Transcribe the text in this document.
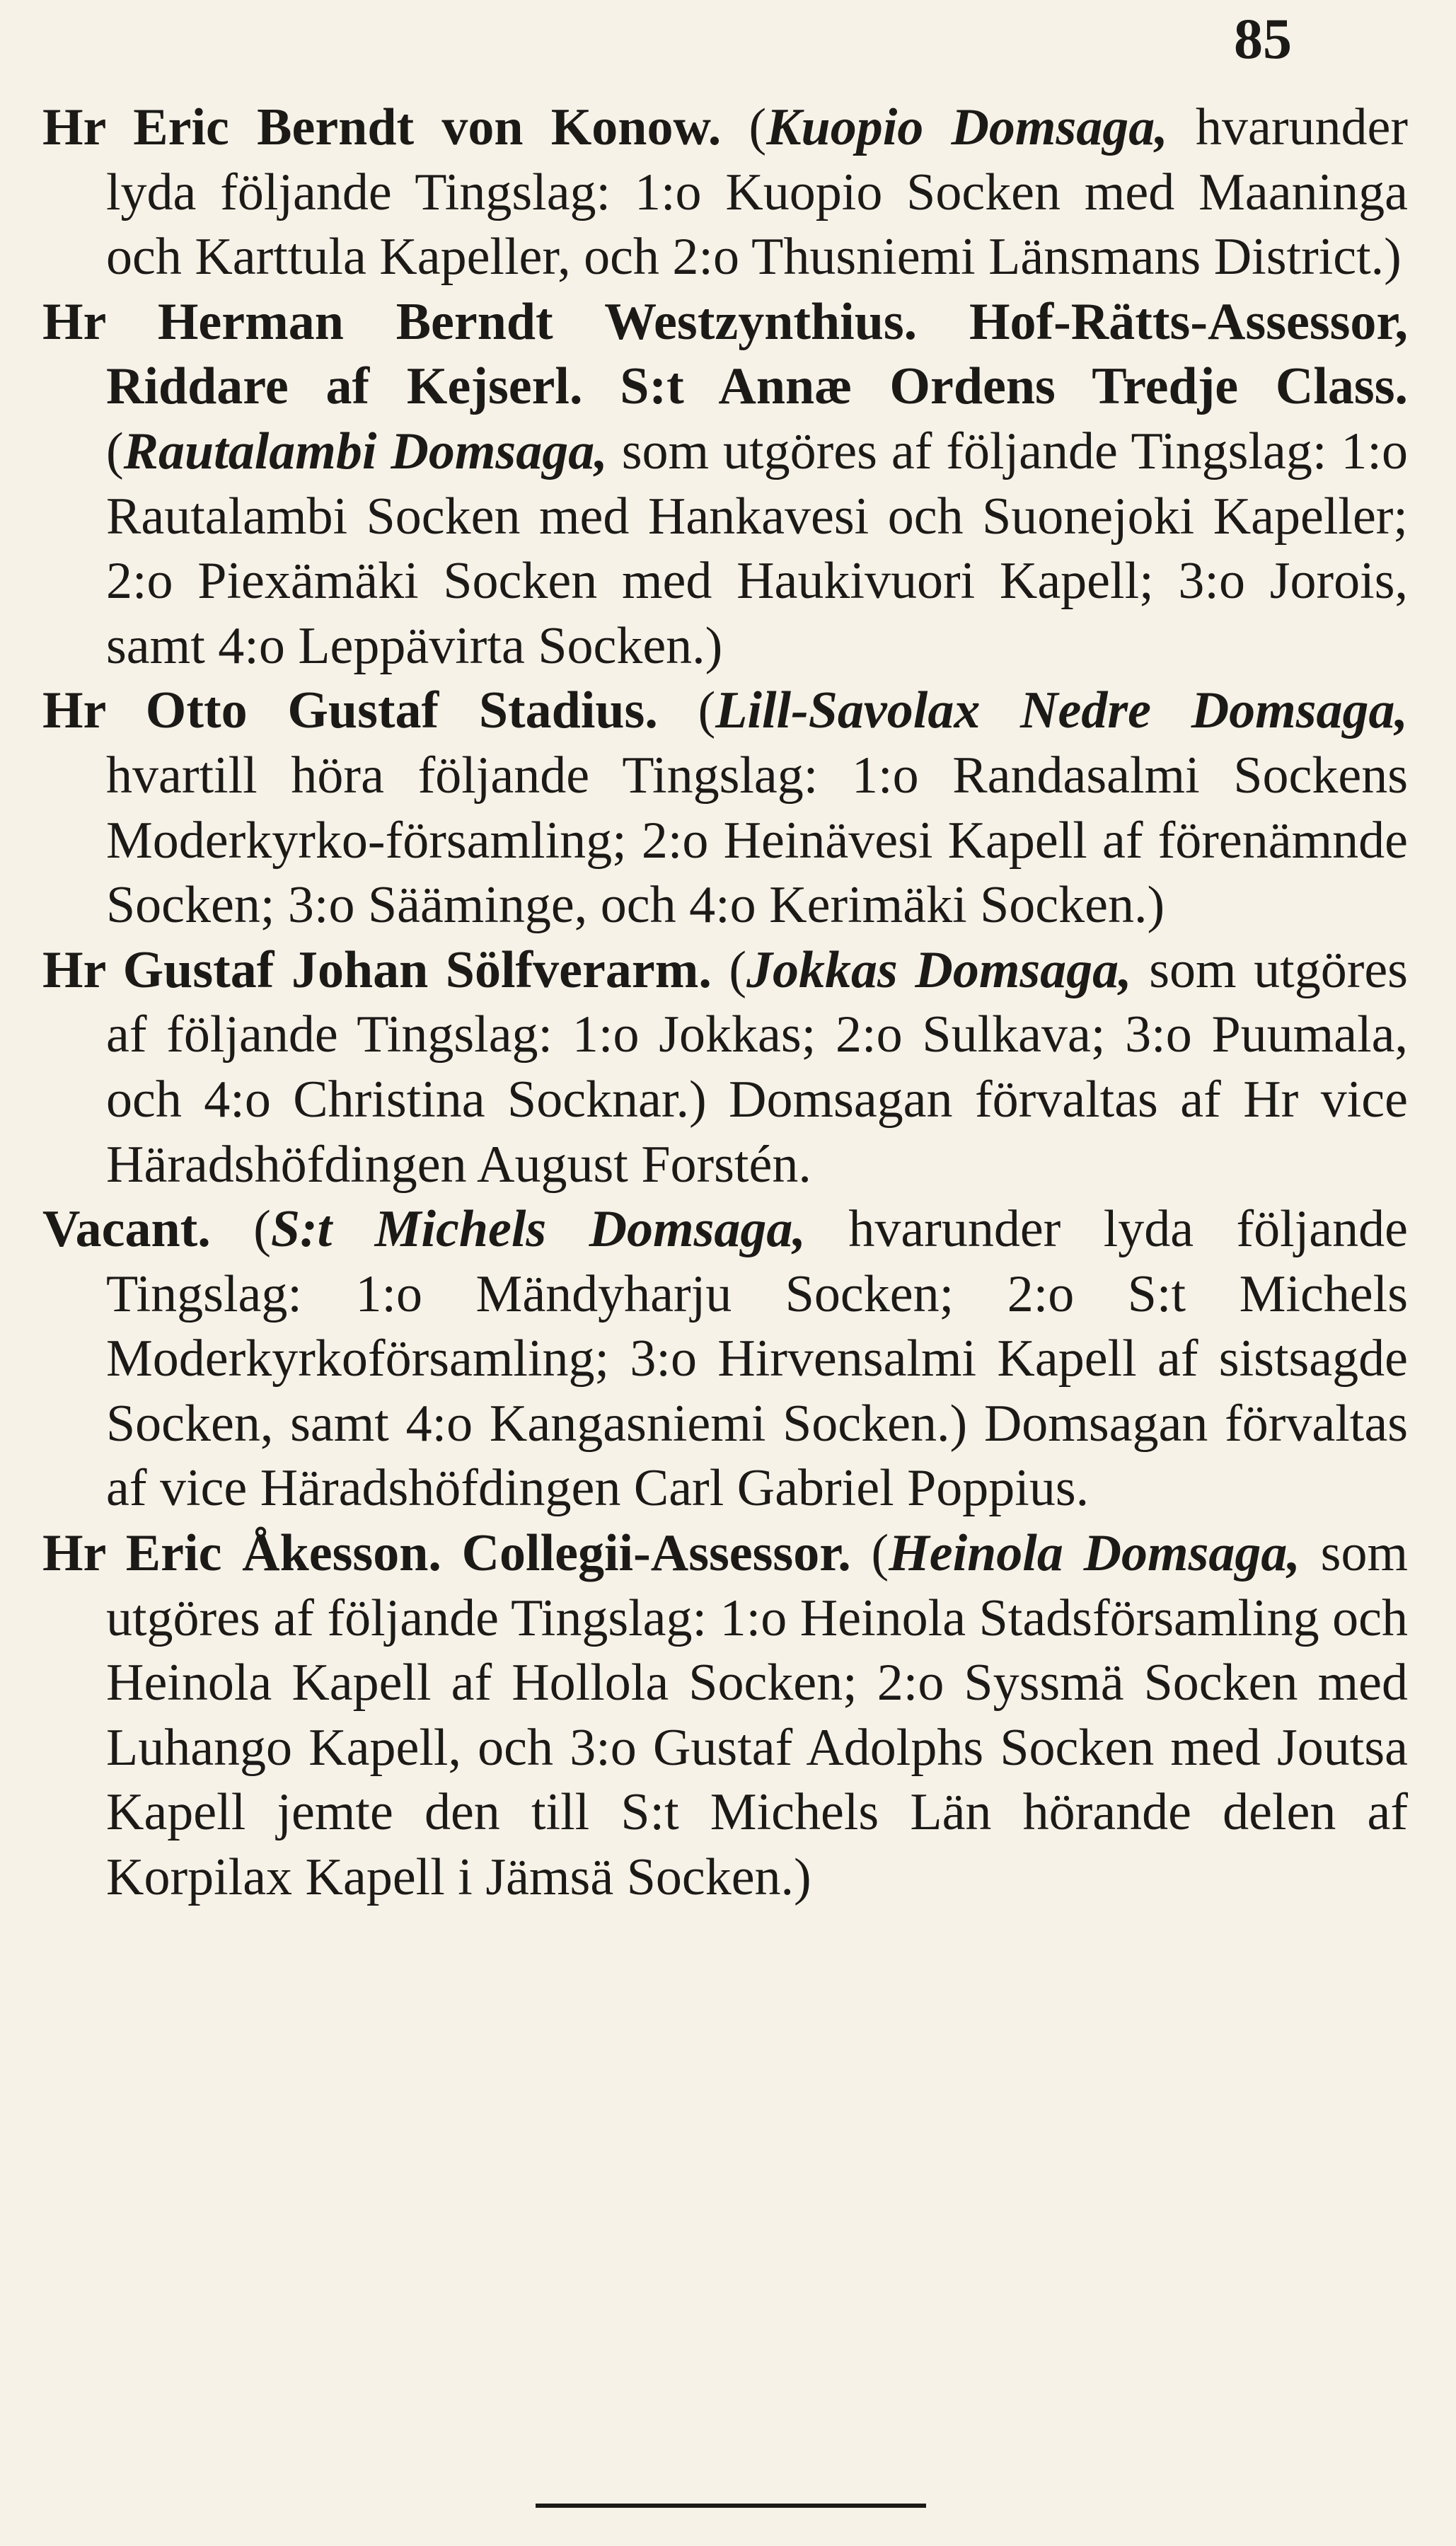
85

Hr Eric Berndt von Konow. (Kuopio Domsaga, hvarunder lyda följande Tingslag: 1:o Kuopio Socken med Maaninga och Karttula Kapeller, och 2:o Thusniemi Länsmans District.)

Hr Herman Berndt Westzynthius. Hof-Rätts-Assessor, Riddare af Kejserl. S:t Annæ Ordens Tredje Class. (Rautalambi Domsaga, som utgöres af följande Tingslag: 1:o Rautalambi Socken med Hankavesi och Suonejoki Kapeller; 2:o Piexämäki Socken med Haukivuori Kapell; 3:o Jorois, samt 4:o Leppävirta Socken.)

Hr Otto Gustaf Stadius. (Lill-Savolax Nedre Domsaga, hvartill höra följande Tingslag: 1:o Randasalmi Sockens Moderkyrko-församling; 2:o Heinävesi Kapell af förenämnde Socken; 3:o Sääminge, och 4:o Kerimäki Socken.)

Hr Gustaf Johan Sölfverarm. (Jokkas Domsaga, som utgöres af följande Tingslag: 1:o Jokkas; 2:o Sulkava; 3:o Puumala, och 4:o Christina Socknar.) Domsagan förvaltas af Hr vice Häradshöfdingen August Forstén.

Vacant. (S:t Michels Domsaga, hvarunder lyda följande Tingslag: 1:o Mändyharju Socken; 2:o S:t Michels Moderkyrkoförsamling; 3:o Hirvensalmi Kapell af sistsagde Socken, samt 4:o Kangasniemi Socken.) Domsagan förvaltas af vice Häradshöfdingen Carl Gabriel Poppius.

Hr Eric Åkesson. Collegii-Assessor. (Heinola Domsaga, som utgöres af följande Tingslag: 1:o Heinola Stadsförsamling och Heinola Kapell af Hollola Socken; 2:o Syssmä Socken med Luhango Kapell, och 3:o Gustaf Adolphs Socken med Joutsa Kapell jemte den till S:t Michels Län hörande delen af Korpilax Kapell i Jämsä Socken.)
